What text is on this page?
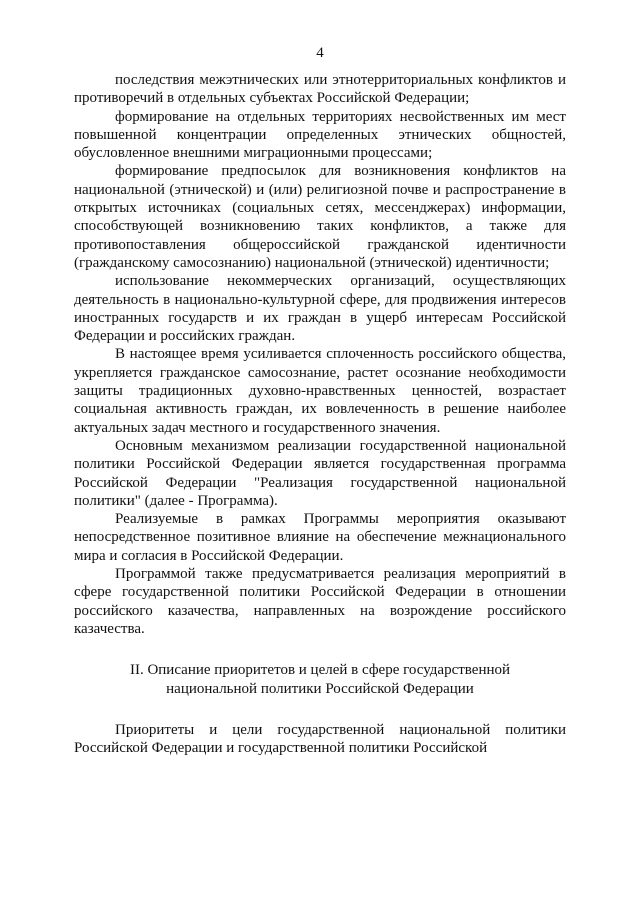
4

последствия межэтнических или этнотерриториальных конфликтов и противоречий в отдельных субъектах Российской Федерации;

формирование на отдельных территориях несвойственных им мест повышенной концентрации определенных этнических общностей, обусловленное внешними миграционными процессами;

формирование предпосылок для возникновения конфликтов на национальной (этнической) и (или) религиозной почве и распространение в открытых источниках (социальных сетях, мессенджерах) информации, способствующей возникновению таких конфликтов, а также для противопоставления общероссийской гражданской идентичности (гражданскому самосознанию) национальной (этнической) идентичности;

использование некоммерческих организаций, осуществляющих деятельность в национально-культурной сфере, для продвижения интересов иностранных государств и их граждан в ущерб интересам Российской Федерации и российских граждан.

В настоящее время усиливается сплоченность российского общества, укрепляется гражданское самосознание, растет осознание необходимости защиты традиционных духовно-нравственных ценностей, возрастает социальная активность граждан, их вовлеченность в решение наиболее актуальных задач местного и государственного значения.

Основным механизмом реализации государственной национальной политики Российской Федерации является государственная программа Российской Федерации "Реализация государственной национальной политики" (далее - Программа).

Реализуемые в рамках Программы мероприятия оказывают непосредственное позитивное влияние на обеспечение межнационального мира и согласия в Российской Федерации.

Программой также предусматривается реализация мероприятий в сфере государственной политики Российской Федерации в отношении российского казачества, направленных на возрождение российского казачества.

II. Описание приоритетов и целей в сфере государственной
национальной политики Российской Федерации

Приоритеты и цели государственной национальной политики Российской Федерации и государственной политики Российской
